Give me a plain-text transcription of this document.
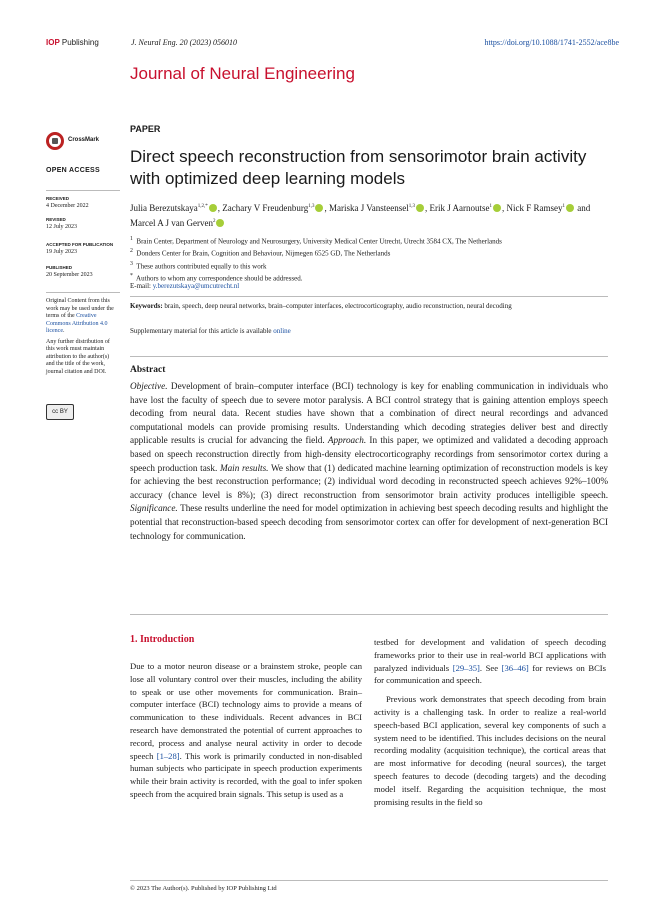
IOP Publishing	J. Neural Eng. 20 (2023) 056010	https://doi.org/10.1088/1741-2552/ace8be
Journal of Neural Engineering
CrossMark
OPEN ACCESS
RECEIVED
4 December 2022
REVISED
12 July 2023
ACCEPTED FOR PUBLICATION
19 July 2023
PUBLISHED
20 September 2023

Original Content from this work may be used under the terms of the Creative Commons Attribution 4.0 licence.

Any further distribution of this work must maintain attribution to the author(s) and the title of the work, journal citation and DOI.

cc BY
PAPER
Direct speech reconstruction from sensorimotor brain activity with optimized deep learning models
Julia Berezutskaya$^{1,2,*}$ , Zachary V Freudenburg$^{1,3}$ , Mariska J Vansteensel$^{1,3}$ , Erik J Aarnoutse$^1$ , Nick F Ramsey$^1$ and Marcel A J van Gerven$^2$
$^1$ Brain Center, Department of Neurology and Neurosurgery, University Medical Center Utrecht, Utrecht 3584 CX, The Netherlands
$^2$ Donders Center for Brain, Cognition and Behaviour, Nijmegen 6525 GD, The Netherlands
$^3$ These authors contributed equally to this work
* Authors to whom any correspondence should be addressed.
E-mail: y.berezutskaya@umcutrecht.nl
Keywords: brain, speech, deep neural networks, brain–computer interfaces, electrocorticography, audio reconstruction, neural decoding
Supplementary material for this article is available online
Abstract
Objective. Development of brain–computer interface (BCI) technology is key for enabling communication in individuals who have lost the faculty of speech due to severe motor paralysis. A BCI control strategy that is gaining attention employs speech decoding from neural data. Recent studies have shown that a combination of direct neural recordings and advanced computational models can provide promising results. Understanding which decoding strategies deliver best and directly applicable results is crucial for advancing the field. Approach. In this paper, we optimized and validated a decoding approach based on speech reconstruction directly from high-density electrocorticography recordings from sensorimotor cortex during a speech production task. Main results. We show that (1) dedicated machine learning optimization of reconstruction models is key for achieving the best reconstruction performance; (2) individual word decoding in reconstructed speech achieves 92%–100% accuracy (chance level is 8%); (3) direct reconstruction from sensorimotor brain activity produces intelligible speech. Significance. These results underline the need for model optimization in achieving best speech decoding results and highlight the potential that reconstruction-based speech decoding from sensorimotor cortex can offer for development of next-generation BCI technology for communication.
1. Introduction

Due to a motor neuron disease or a brainstem stroke, people can lose all voluntary control over their muscles, including the ability to speak or use other movements for communication. Brain–computer interface (BCI) technology aims to provide a means of communication to these individuals. Recent advances in BCI research have demonstrated the potential of current approaches to record, process and analyse neural activity in order to decode speech [1–28]. This work is primarily conducted in non-disabled human subjects who participate in speech production experiments while their brain activity is recorded, with the goal to infer spoken speech from the acquired brain signals. This setup is used as a

testbed for development and validation of speech decoding frameworks prior to their use in real-world BCI applications with paralyzed individuals [29–35]. See [36–46] for reviews on BCIs for communication and speech.

Previous work demonstrates that speech decoding from brain activity is a challenging task. In order to realize a real-world speech-based BCI application, several key components of such a system need to be identified. This includes decisions on the neural recording modality (acquisition technique), the cortical areas that are most informative for decoding (neural sources), the target speech features to decode (decoding targets) and the decoding model itself. Regarding the acquisition technique, the most promising results in the field so

© 2023 The Author(s). Published by IOP Publishing Ltd
